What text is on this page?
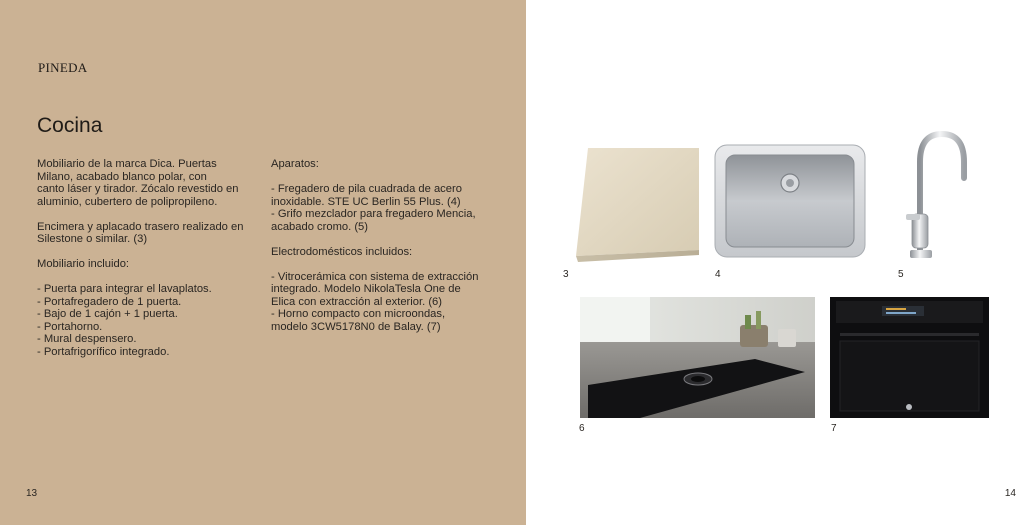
PINEDA
Cocina

Mobiliario de la marca Dica. Puertas
Milano, acabado blanco polar, con
canto láser y tirador. Zócalo revestido en
aluminio, cubertero de polipropileno.

Encimera y aplacado trasero realizado en
Silestone o similar. (3)

Mobiliario incluido:

- Puerta para integrar el lavaplatos.
- Portafregadero de 1 puerta.
- Bajo de 1 cajón + 1 puerta.
- Portahorno.
- Mural despensero.
- Portafrigorífico integrado.

Aparatos:

- Fregadero de pila cuadrada de acero
inoxidable. STE UC Berlin 55 Plus. (4)
- Grifo mezclador para fregadero Mencia,
acabado cromo. (5)

Electrodomésticos incluidos:

- Vitrocerámica con sistema de extracción
integrado. Modelo NikolaTesla One de
Elica con extracción al exterior. (6)
- Horno compacto con microondas,
modelo 3CW5178N0 de Balay. (7)

13
3	4	5
6	7
14
